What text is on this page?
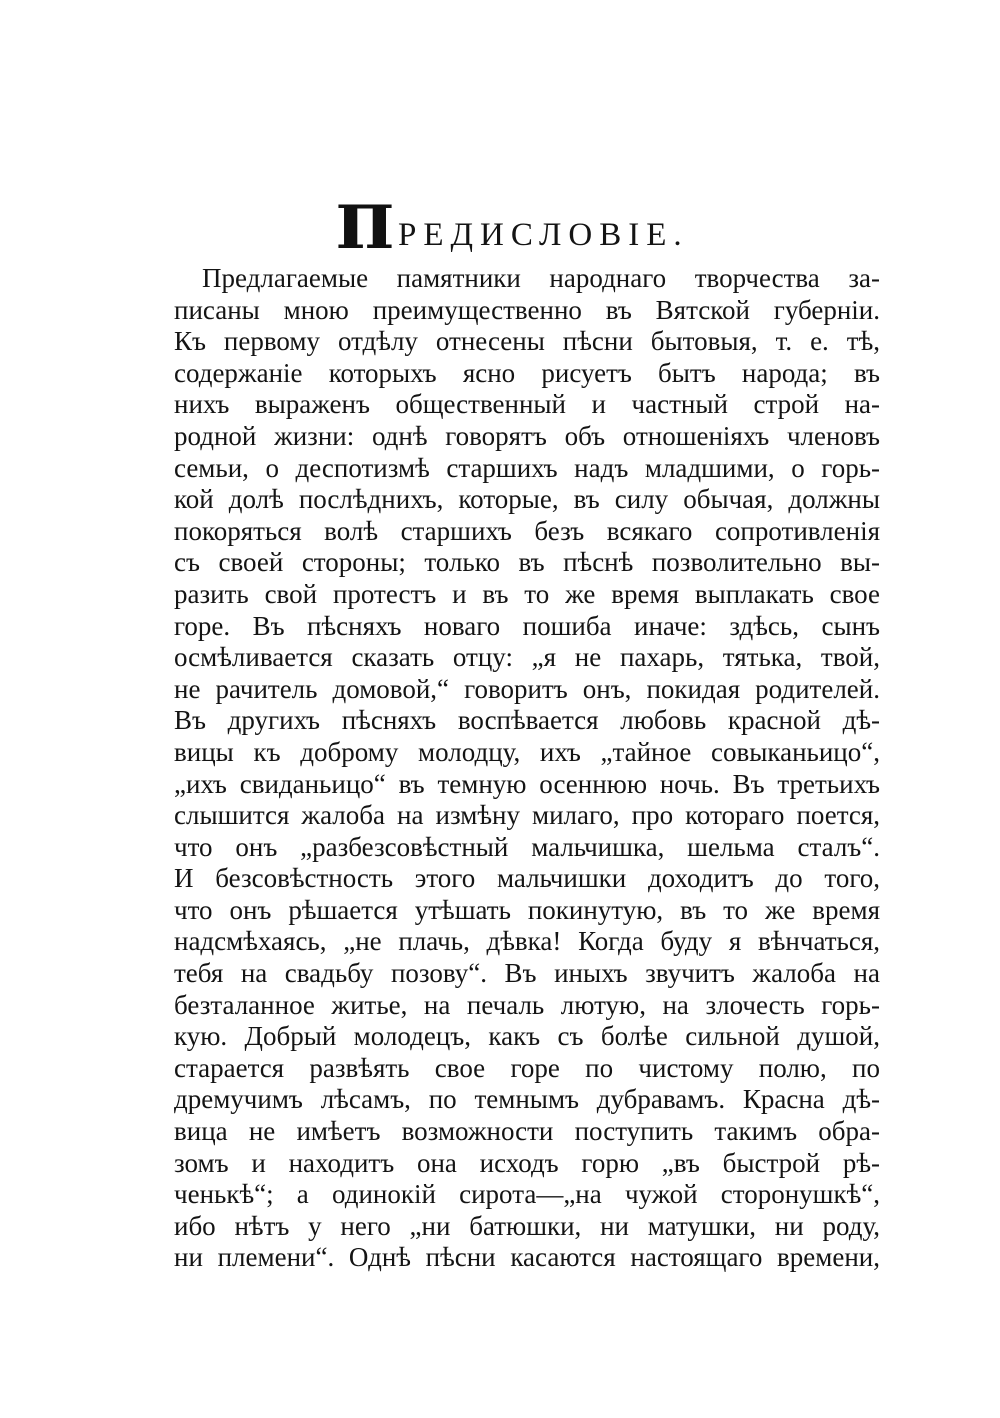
П РЕДИСЛОВIЕ.
Предлагаемые памятники народнаго творчества за-
писаны мною преимущественно въ Вятской губернiи.
Къ первому отдѣлу отнесены пѣсни бытовыя, т. е. тѣ,
содержанiе которыхъ ясно рисуетъ бытъ народа; въ
нихъ выраженъ общественный и частный строй на-
родной жизни: однѣ говорятъ объ отношенiяхъ членовъ
семьи, о деспотизмѣ старшихъ надъ младшими, о горь-
кой долѣ послѣднихъ, которые, въ силу обычая, должны
покоряться волѣ старшихъ безъ всякаго сопротивленiя
съ своей стороны; только въ пѣснѣ позволительно вы-
разить свой протестъ и въ то же время выплакать свое
горе. Въ пѣсняхъ новаго пошиба иначе: здѣсь, сынъ
осмѣливается сказать отцу: „я не пахарь, тятька, твой,
не рачитель домовой,“ говоритъ онъ, покидая родителей.
Въ другихъ пѣсняхъ воспѣвается любовь красной дѣ-
вицы къ доброму молодцу, ихъ „тайное совыканьицо“,
„ихъ свиданьицо“ въ темную осеннюю ночь. Въ третьихъ
слышится жалоба на измѣну милаго, про котораго поется,
что онъ „разбезсовѣстный мальчишка, шельма сталъ“.
И безсовѣстность этого мальчишки доходитъ до того,
что онъ рѣшается утѣшать покинутую, въ то же время
надсмѣхаясь, „не плачь, дѣвка! Когда буду я вѣнчаться,
тебя на свадьбу позову“. Въ иныхъ звучитъ жалоба на
безталанное житье, на печаль лютую, на злочесть горь-
кую. Добрый молодецъ, какъ съ болѣе сильной душой,
старается развѣять свое горе по чистому полю, по
дремучимъ лѣсамъ, по темнымъ дубравамъ. Красна дѣ-
вица не имѣетъ возможности поступить такимъ обра-
зомъ и находитъ она исходъ горю „въ быстрой рѣ-
ченькѣ“; а одинокiй сирота—„на чужой сторонушкѣ“,
ибо нѣтъ у него „ни батюшки, ни матушки, ни роду,
ни племени“. Однѣ пѣсни касаются настоящаго времени,
